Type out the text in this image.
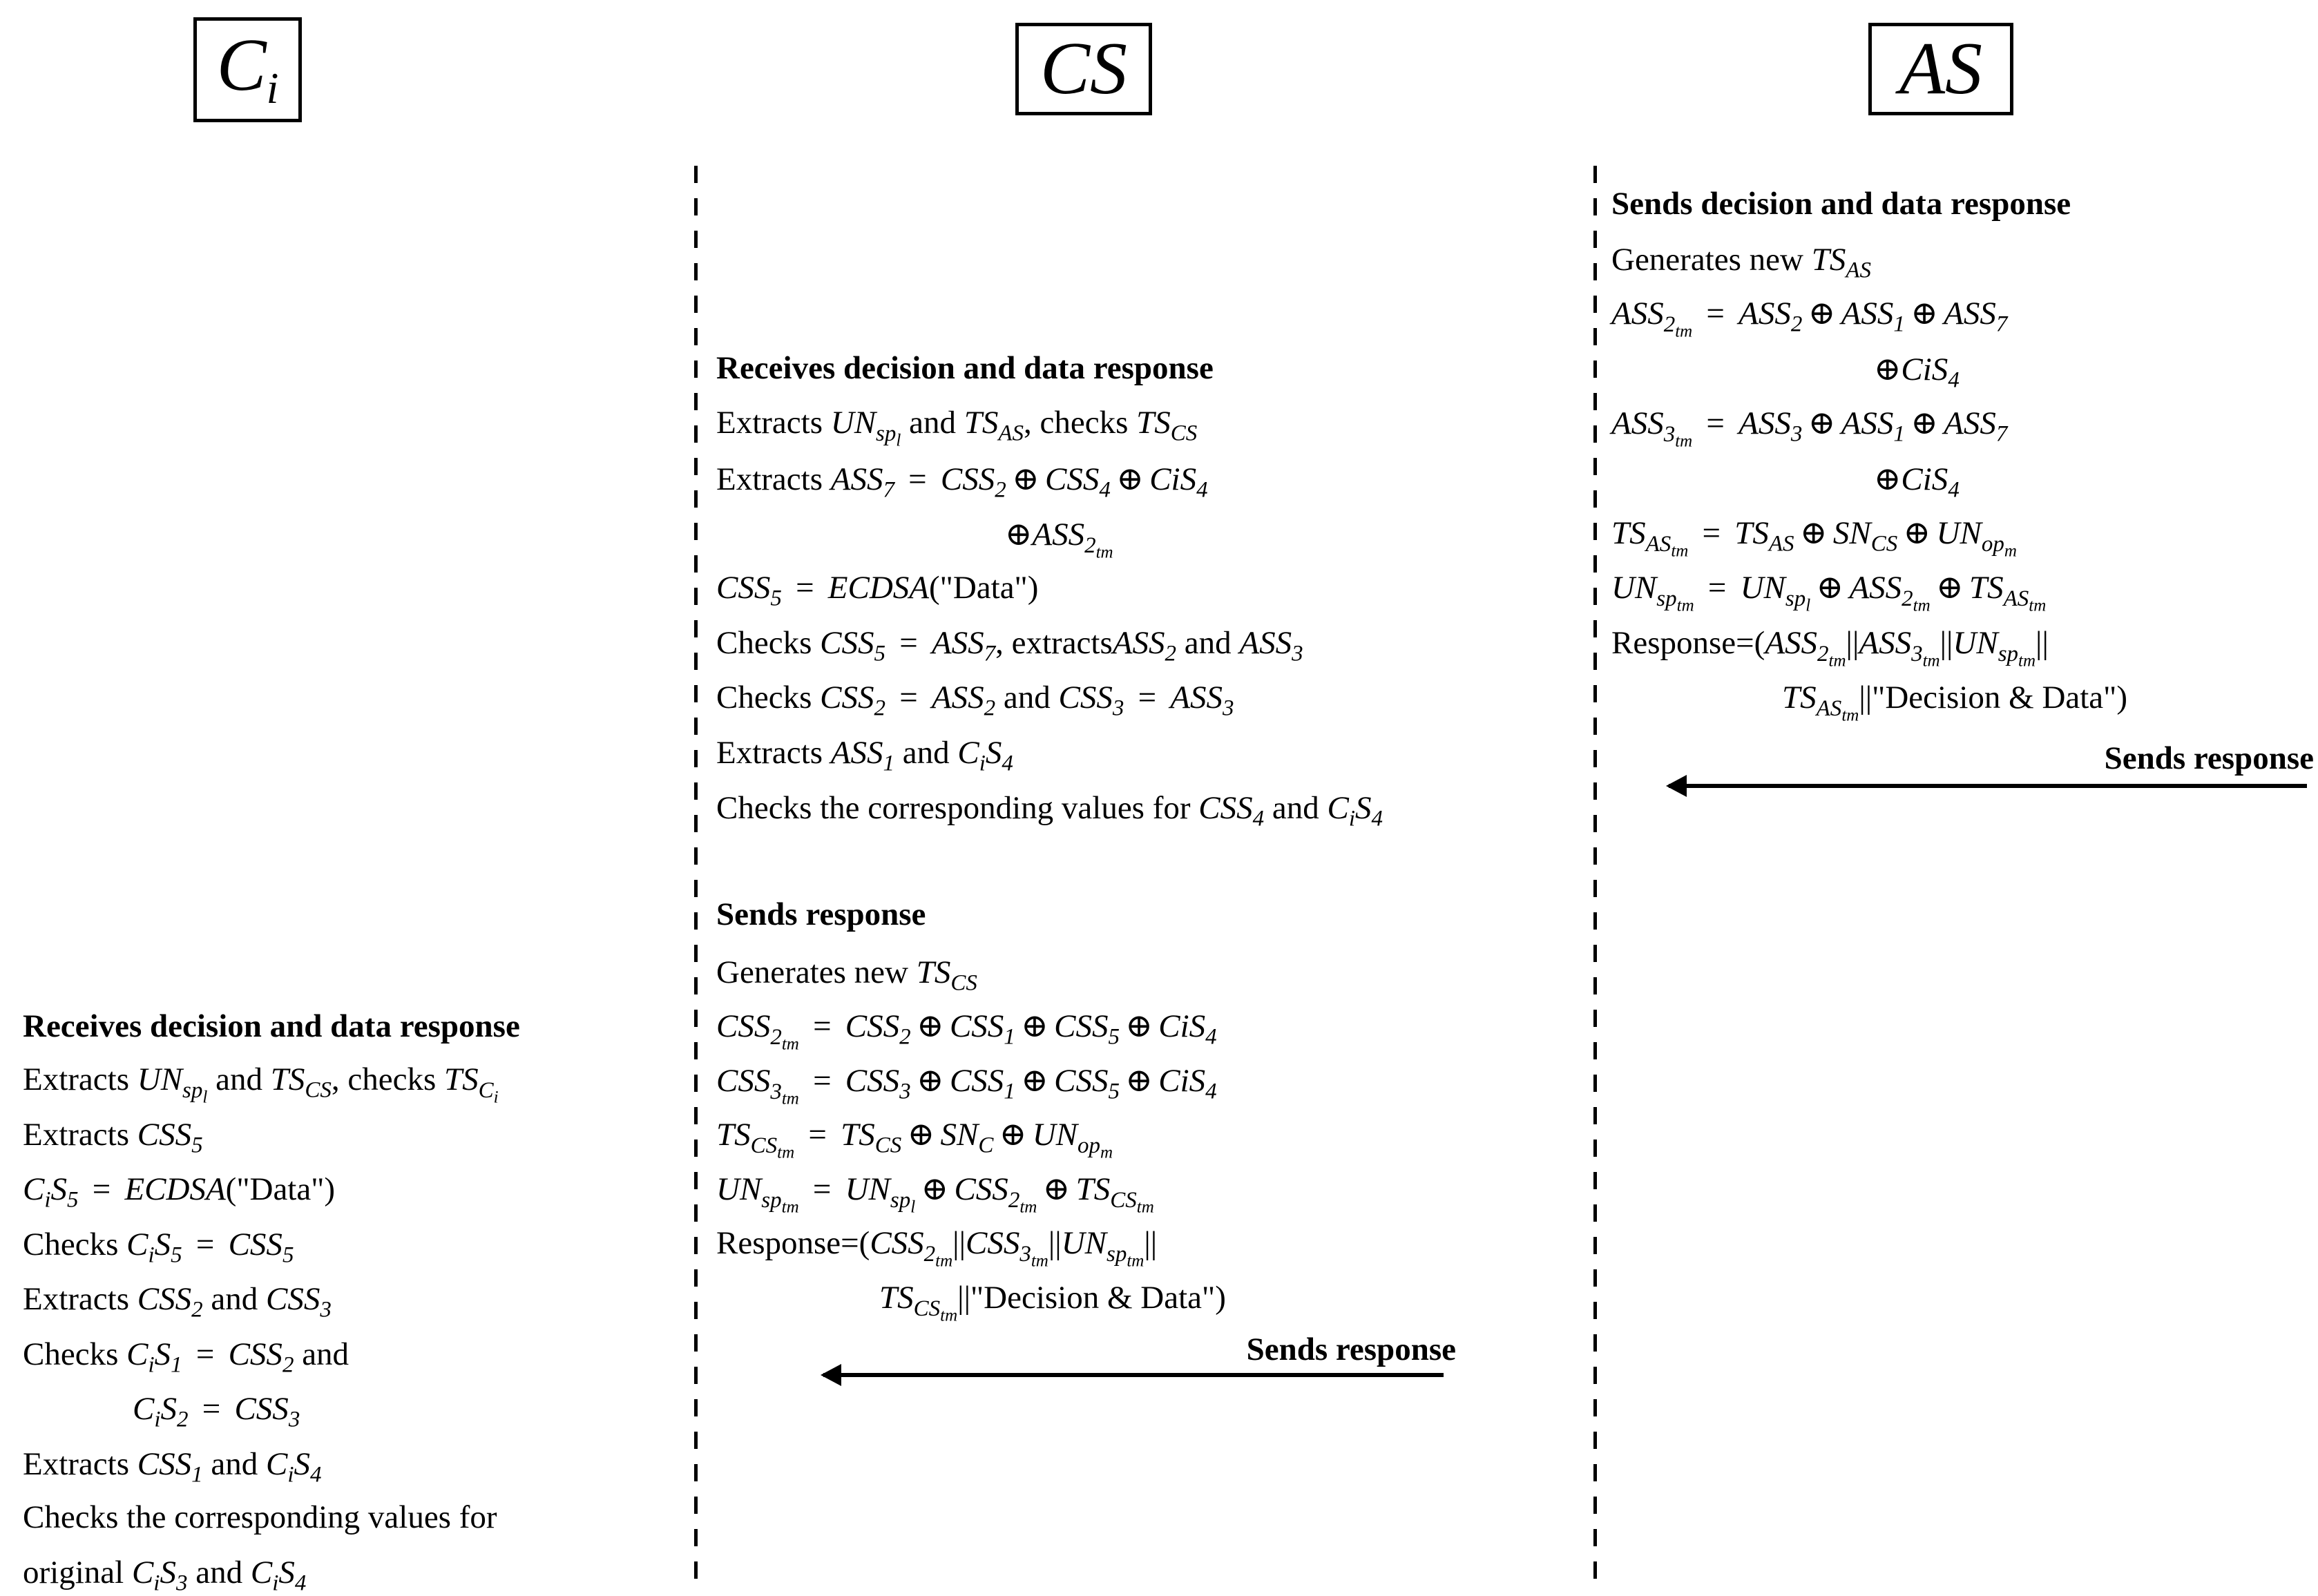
$C_i$	CS	AS
Sends decision and data response
Generates new $TS_{AS}$
$ASS_{2_{tm}} = ASS_2$ ⊕ $ASS_1$ ⊕ $ASS_7$
⊕CiS$_4$
$ASS_{3_{tm}} = ASS_3$ ⊕ $ASS_1$ ⊕ $ASS_7$
⊕CiS$_4$
$TS_{AS_{tm}} = TS_{AS}$ ⊕ $SN_{CS}$ ⊕ $UN_{op_m}$
$UN_{sp_{tm}} = UN_{sp_l}$ ⊕ $ASS_{2_{tm}}$ ⊕ $TS_{AS_{tm}}$
$Response=(ASS_{2_{tm}}||ASS_{3_{tm}}||UN_{sp_{tm}}||$
$TS_{AS_{tm}}||"Decision$ & Data")
Sends response
Receives decision and data response
Extracts $UN_{sp_l}$ and $TS_{AS}$, checks $TS_{CS}$
Extracts $ASS_7 = CSS_2$ ⊕ $CSS_4$ ⊕ CiS$_4$
$\oplus ASS_{2_{tm}}$
$CSS_5$ = ECDSA("Data")
Checks $CSS_5 = ASS_7$, extractsASS$_2$ and $ASS_3$
Checks $CSS_2 = ASS_2$ and $CSS_3 = ASS_3$
Extracts $ASS_1$ and $C_iS_4$
Checks the corresponding values for $CSS_4$ and $C_iS_4$
Sends response
Generates new $TS_{CS}$
$CSS_{2_{tm}} = CSS_2$ ⊕ $CSS_1$ ⊕ $CSS_5$ ⊕ CiS$_4$
$CSS_{3_{tm}} = CSS_3$ ⊕ $CSS_1$ ⊕ $CSS_5$ ⊕ CiS$_4$
$TS_{CS_{tm}} = TS_{CS}$ ⊕ $SN_C$ ⊕ $UN_{op_m}$
$UN_{sp_{tm}} = UN_{sp_l}$ ⊕ $CSS_{2_{tm}}$ ⊕ $TS_{CS_{tm}}$
$Response=(CSS_{2_{tm}}||CSS_{3_{tm}}||UN_{sp_{tm}}||$
$TS_{CS_{tm}}||"Decision$ & Data")
Sends response
Receives decision and data response
Extracts $UN_{sp_l}$ and $TS_{CS}$, checks $TS_{C_i}$
Extracts $CSS_5$
$C_iS_5$ = ECDSA("Data")
Checks $C_iS_5 = CSS_5$
Extracts $CSS_2$ and $CSS_3$
Checks $C_iS_1 = CSS_2$ and
$C_iS_2 = CSS_3$
Extracts $CSS_1$ and $C_iS_4$
Checks the corresponding values for
original $C_iS_3$ and $C_iS_4$
